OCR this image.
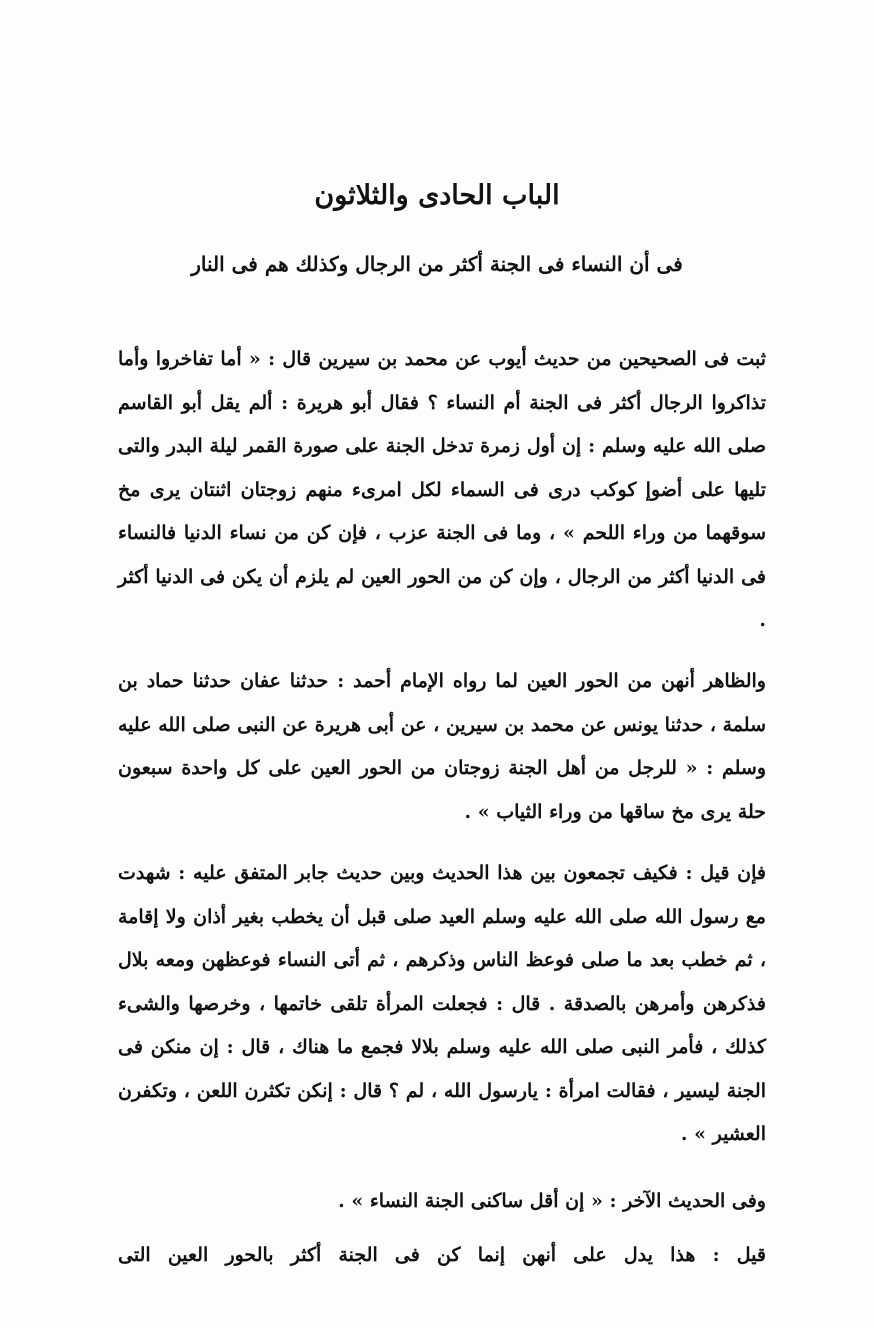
الباب الحادى والثلاثون
فى أن النساء فى الجنة أكثر من الرجال وكذلك هم فى النار

ثبت فى الصحيحين من حديث أيوب عن محمد بن سيرين قال : « أما تفاخروا وأما تذاكروا الرجال أكثر فى الجنة أم النساء ؟ فقال أبو هريرة : ألم يقل أبو القاسم صلى الله عليه وسلم : إن أول زمرة تدخل الجنة على صورة القمر ليلة البدر والتى تليها على أضوإ كوكب درى فى السماء لكل امرىء منهم زوجتان اثنتان يرى مخ سوقهما من وراء اللحم » ، وما فى الجنة عزب ، فإن كن من نساء الدنيا فالنساء فى الدنيا أكثر من الرجال ، وإن كن من الحور العين لم يلزم أن يكن فى الدنيا أكثر .

والظاهر أنهن من الحور العين لما رواه الإمام أحمد : حدثنا عفان حدثنا حماد بن سلمة ، حدثنا يونس عن محمد بن سيرين ، عن أبى هريرة عن النبى صلى الله عليه وسلم : « للرجل من أهل الجنة زوجتان من الحور العين على كل واحدة سبعون حلة يرى مخ ساقها من وراء الثياب » .

فإن قيل : فكيف تجمعون بين هذا الحديث وبين حديث جابر المتفق عليه : شهدت مع رسول الله صلى الله عليه وسلم العيد صلى قبل أن يخطب بغير أذان ولا إقامة ، ثم خطب بعد ما صلى فوعظ الناس وذكرهم ، ثم أتى النساء فوعظهن ومعه بلال فذكرهن وأمرهن بالصدقة . قال : فجعلت المرأة تلقى خاتمها ، وخرصها والشىء كذلك ، فأمر النبى صلى الله عليه وسلم بلالا فجمع ما هناك ، قال : إن منكن فى الجنة ليسير ، فقالت امرأة : يارسول الله ، لم ؟ قال : إنكن تكثرن اللعن ، وتكفرن العشير » .

وفى الحديث الآخر : « إن أقل ساكنى الجنة النساء » .

قيل : هذا يدل على أنهن إنما كن فى الجنة أكثر بالحور العين التى
